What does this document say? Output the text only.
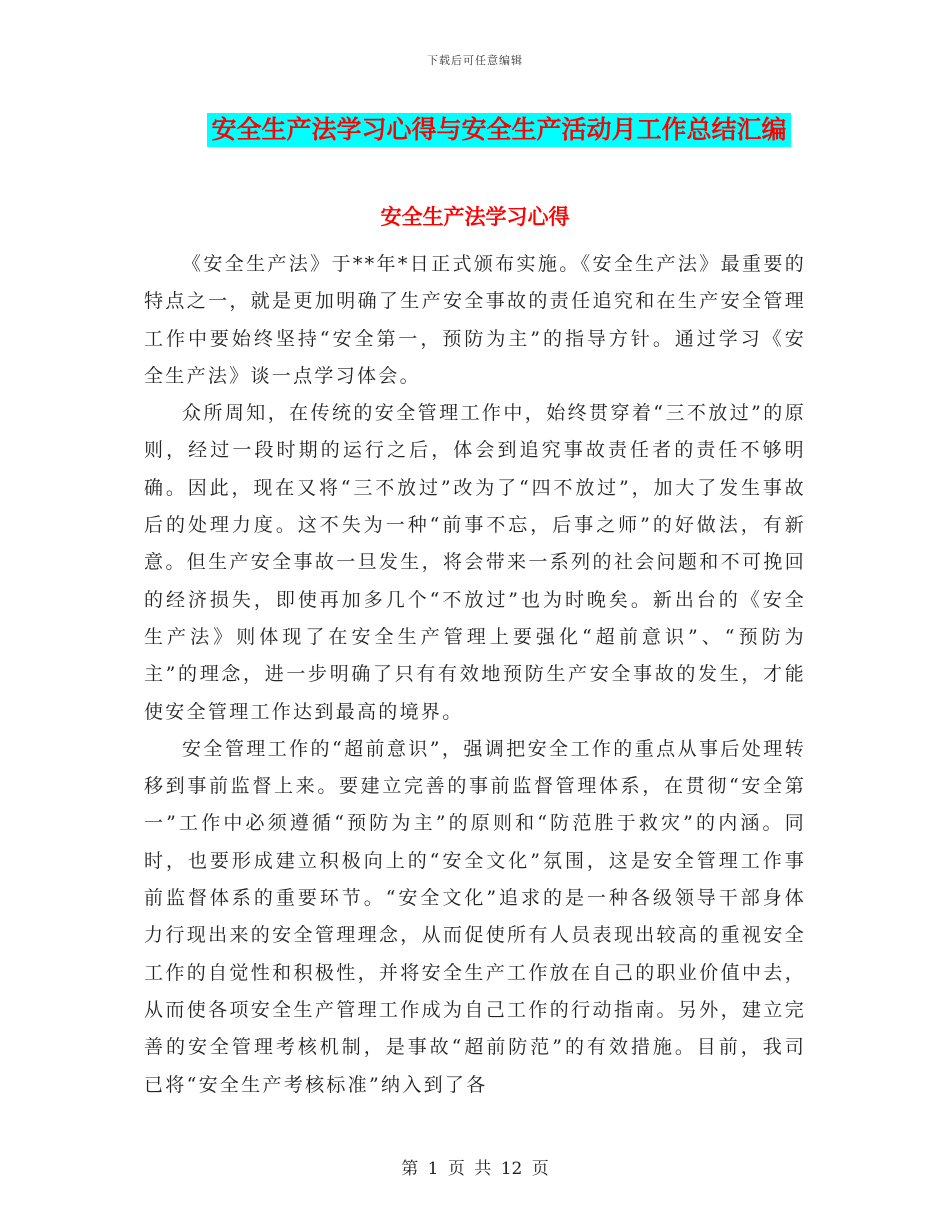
下载后可任意编辑
安全生产法学习心得与安全生产活动月工作总结汇编
安全生产法学习心得

《安全生产法》于**年*日正式颁布实施。《安全生产法》最重要的特点之一，就是更加明确了生产安全事故的责任追究和在生产安全管理工作中要始终坚持“安全第一，预防为主”的指导方针。通过学习《安全生产法》谈一点学习体会。

众所周知，在传统的安全管理工作中，始终贯穿着“三不放过”的原则，经过一段时期的运行之后，体会到追究事故责任者的责任不够明确。因此，现在又将“三不放过”改为了“四不放过”，加大了发生事故后的处理力度。这不失为一种“前事不忘，后事之师”的好做法，有新意。但生产安全事故一旦发生，将会带来一系列的社会问题和不可挽回的经济损失，即使再加多几个“不放过”也为时晚矣。新出台的《安全生产法》则体现了在安全生产管理上要强化“超前意识”、“预防为主”的理念，进一步明确了只有有效地预防生产安全事故的发生，才能使安全管理工作达到最高的境界。

安全管理工作的“超前意识”，强调把安全工作的重点从事后处理转移到事前监督上来。要建立完善的事前监督管理体系，在贯彻“安全第一”工作中必须遵循“预防为主”的原则和“防范胜于救灾”的内涵。同时，也要形成建立积极向上的“安全文化”氛围，这是安全管理工作事前监督体系的重要环节。“安全文化”追求的是一种各级领导干部身体力行现出来的安全管理理念，从而促使所有人员表现出较高的重视安全工作的自觉性和积极性，并将安全生产工作放在自己的职业价值中去，从而使各项安全生产管理工作成为自己工作的行动指南。另外，建立完善的安全管理考核机制，是事故“超前防范”的有效措施。目前，我司已将“安全生产考核标准”纳入到了各

第 1 页 共 12 页
